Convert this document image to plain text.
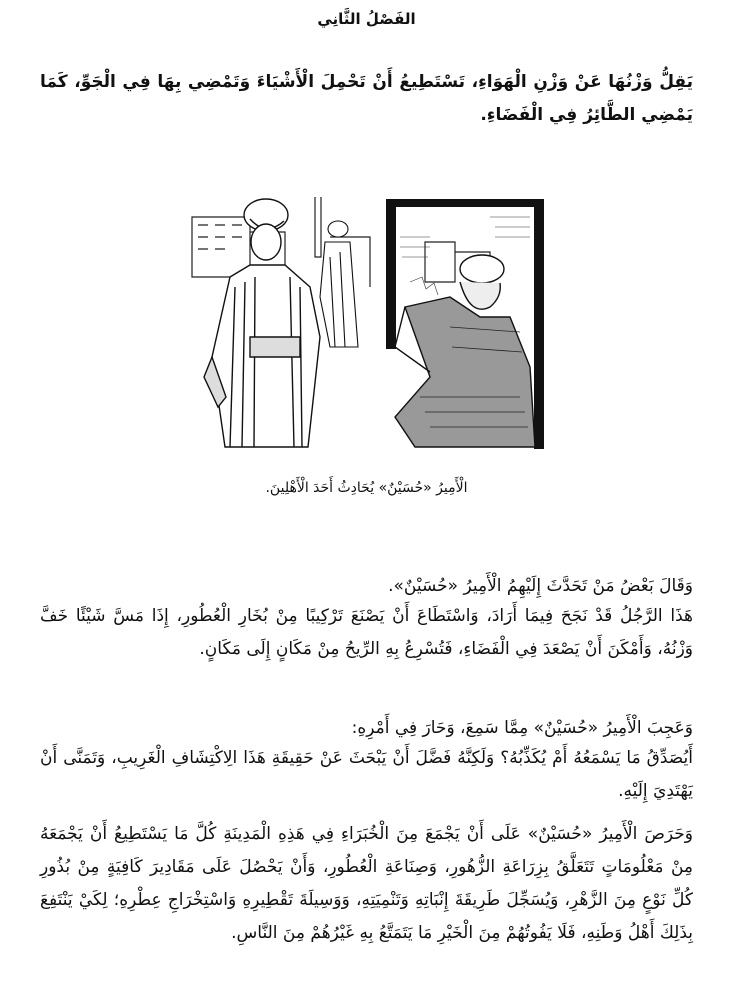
الفَصْلُ الثَّانِي

يَقِلُّ وَزْنُهَا عَنْ وَزْنِ الْهَوَاءِ، تَسْتَطِيعُ أَنْ تَحْمِلَ الْأَشْيَاءَ وَتَمْضِي بِهَا فِي الْجَوِّ، كَمَا يَمْضِي الطَّائِرُ فِي الْفَضَاءِ.

الْأَمِيرُ «حُسَيْنٌ» يُحَادِثُ أَحَدَ الْأَهْلِينَ.

وَقَالَ بَعْضُ مَنْ تَحَدَّثَ إِلَيْهِمُ الْأَمِيرُ «حُسَيْنٌ».

هَذَا الرَّجُلُ قَدْ نَجَحَ فِيمَا أَرَادَ، وَاسْتَطَاعَ أَنْ يَصْنَعَ تَرْكِيبًا مِنْ بُخَارِ الْعُطُورِ، إِذَا مَسَّ شَيْئًا خَفَّ وَزْنُهُ، وَأَمْكَنَ أَنْ يَصْعَدَ فِي الْفَضَاءِ، فَتُسْرِعُ بِهِ الرِّيحُ مِنْ مَكَانٍ إِلَى مَكَانٍ.

وَعَجِبَ الْأَمِيرُ «حُسَيْنٌ» مِمَّا سَمِعَ، وَحَارَ فِي أَمْرِهِ:

أَيُصَدِّقُ مَا يَسْمَعُهُ أَمْ يُكَذِّبُهُ؟ وَلَكِنَّهُ فَضَّلَ أَنْ يَبْحَثَ عَنْ حَقِيقَةِ هَذَا الِاكْتِشَافِ الْغَرِيبِ، وَتَمَنَّى أَنْ يَهْتَدِيَ إِلَيْهِ.

وَحَرَصَ الْأَمِيرُ «حُسَيْنٌ» عَلَى أَنْ يَجْمَعَ مِنَ الْخُبَرَاءِ فِي هَذِهِ الْمَدِينَةِ كُلَّ مَا يَسْتَطِيعُ أَنْ يَجْمَعَهُ مِنْ مَعْلُومَاتٍ تَتَعَلَّقُ بِزِرَاعَةِ الزُّهُورِ، وَصِنَاعَةِ الْعُطُورِ، وَأَنْ يَحْصُلَ عَلَى مَقَادِيرَ كَافِيَةٍ مِنْ بُذُورِ كُلِّ نَوْعٍ مِنَ الزَّهْرِ، وَيُسَجِّلَ طَرِيقَةَ إِنْبَاتِهِ وَتَنْمِيَتِهِ، وَوَسِيلَةَ تَقْطِيرِهِ وَاسْتِخْرَاجِ عِطْرِهِ؛ لِكَيْ يَنْتَفِعَ بِذَلِكَ أَهْلُ وَطَنِهِ، فَلَا يَفُوتُهُمْ مِنَ الْخَيْرِ مَا يَتَمَتَّعُ بِهِ غَيْرُهُمْ مِنَ النَّاسِ.
